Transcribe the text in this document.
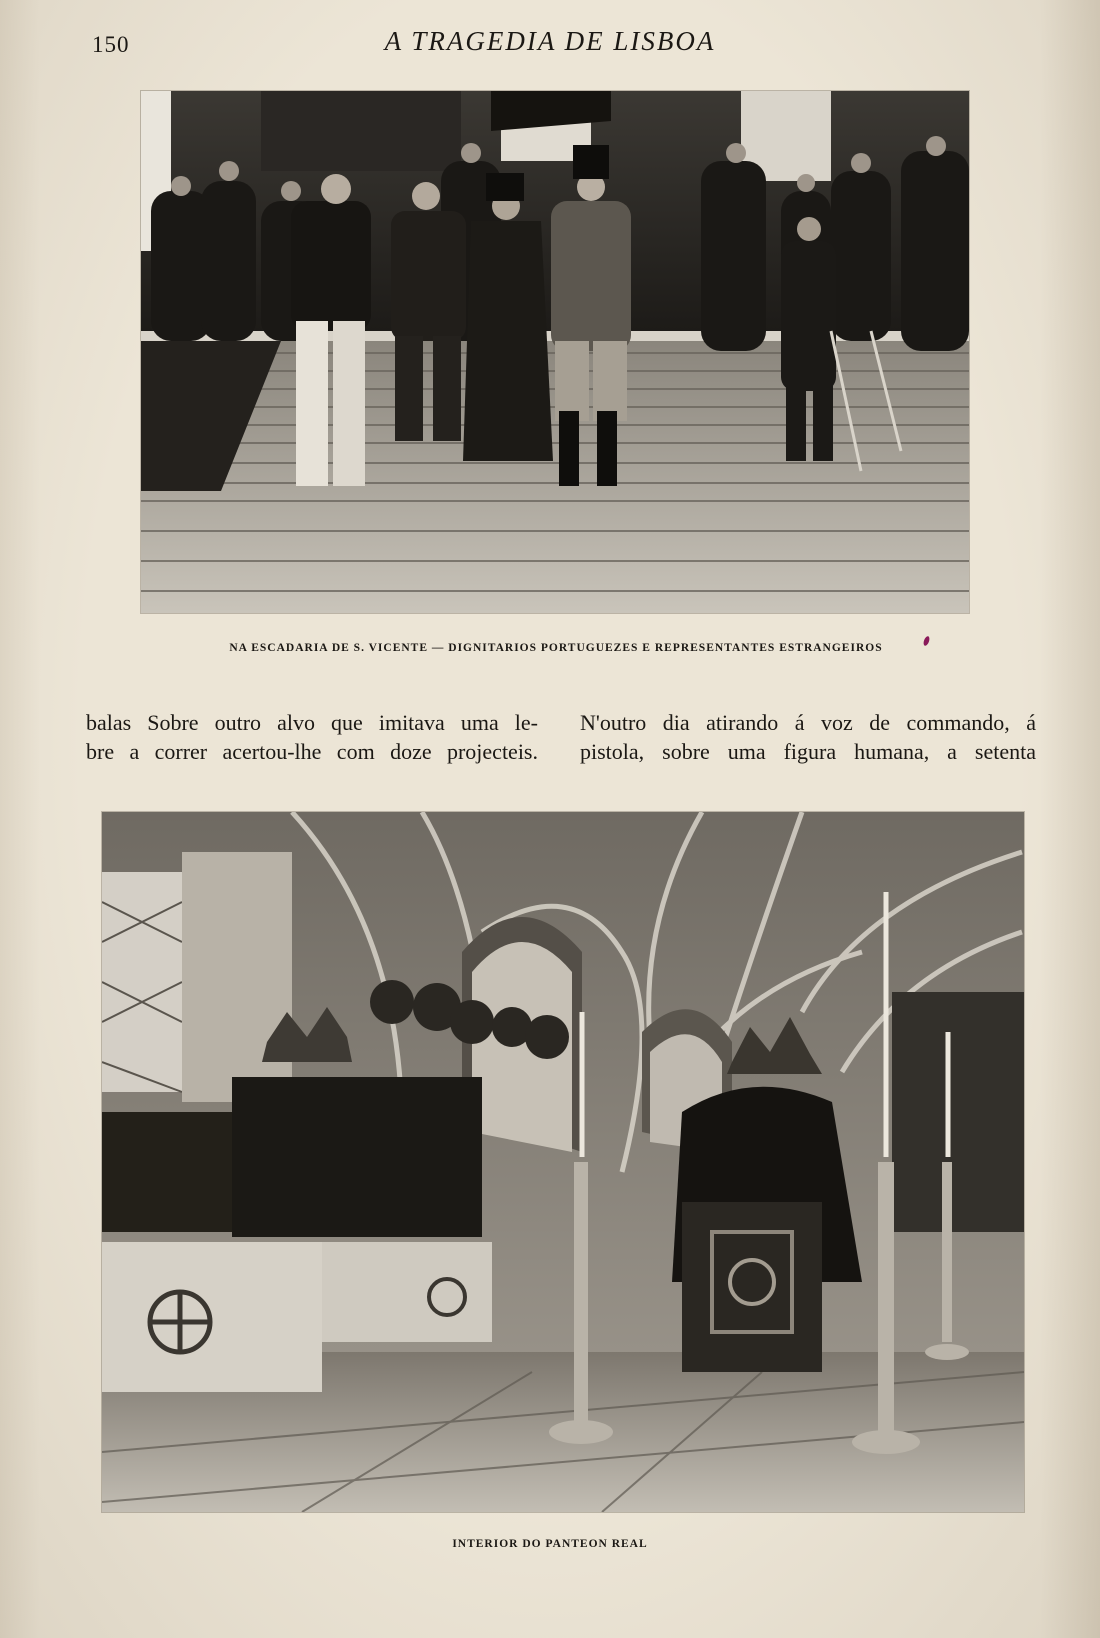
150	A TRAGEDIA DE LISBOA
NA ESCADARIA DE S. VICENTE — DIGNITARIOS PORTUGUEZES E REPRESENTANTES ESTRANGEIROS
balas Sobre outro alvo que imitava uma le-
bre a correr acertou-lhe com doze projecteis.
N'outro dia atirando á voz de commando, á
pistola, sobre uma figura humana, a setenta
INTERIOR DO PANTEON REAL
